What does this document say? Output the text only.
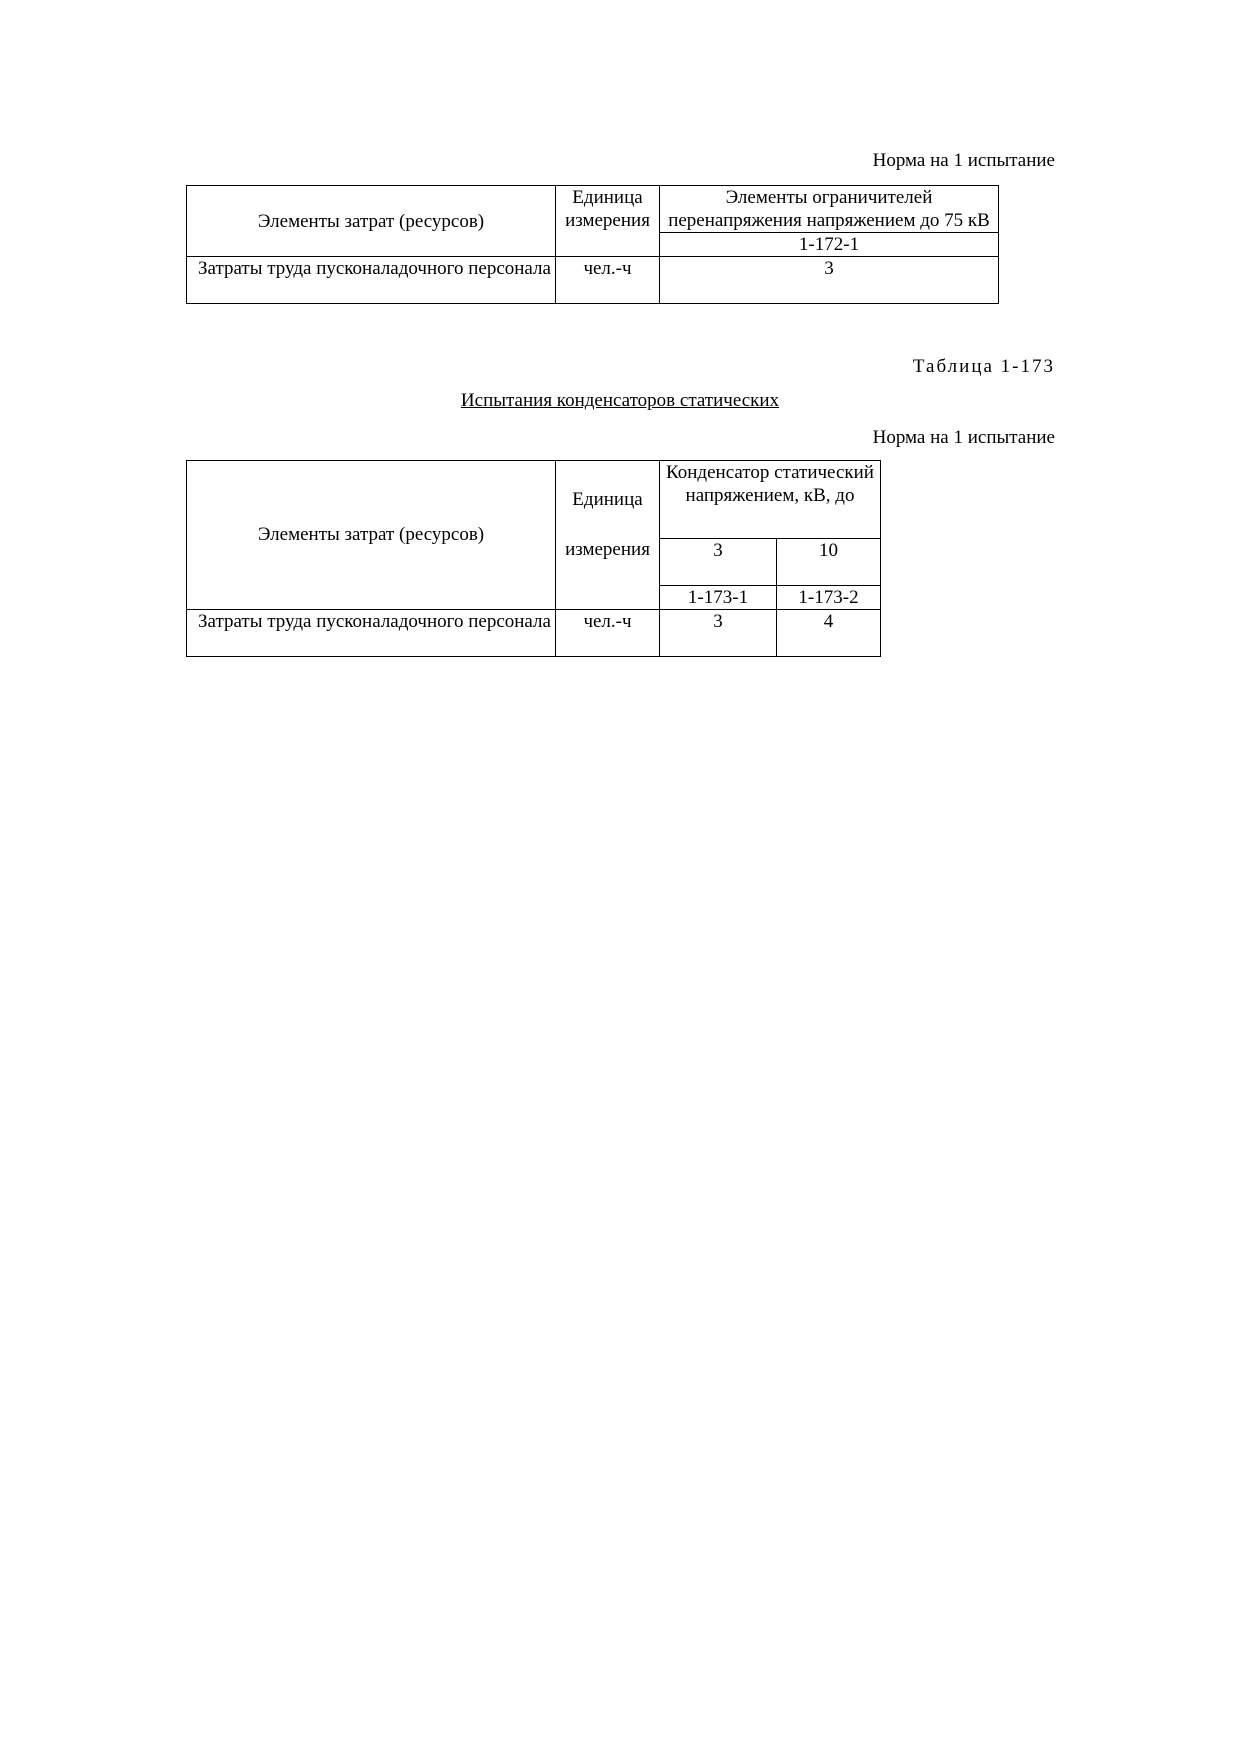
Норма на 1 испытание
Элементы затрат (ресурсов)	Единица измерения	Элементы ограничителей перенапряжения напряжением до 75 кВ
		1-172-1
Затраты труда пусконаладочного персонала	чел.-ч	3
Таблица 1-173
Испытания конденсаторов статических
Норма на 1 испытание
Элементы затрат (ресурсов)	Единица	Конденсатор статический напряжением, кВ, до	
	измерения	3	10
		1-173-1	1-173-2
Затраты труда пусконаладочного персонала	чел.-ч	3	4
